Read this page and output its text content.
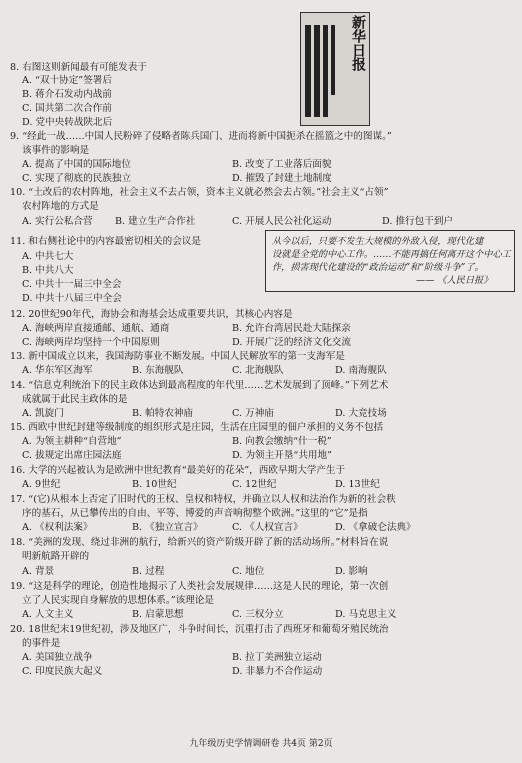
新华日报
8. 右图这则新闻最有可能发表于
A. “双十协定”签署后
B. 蒋介石发动内战前
C. 国共第二次合作前
D. 党中央转战陕北后
9. “经此一战……中国人民粉碎了侵略者陈兵国门、进而将新中国扼杀在摇篮之中的图谋。”
该事件的影响是
A. 提高了中国的国际地位	B. 改变了工业落后面貌
C. 实现了彻底的民族独立	D. 摧毁了封建土地制度
10. “土改后的农村阵地，社会主义不去占领，资本主义就必然会去占领。”社会主义“占领”
农村阵地的方式是
A. 实行公私合营 B. 建立生产合作社	C. 开展人民公社化运动	D. 推行包干到户
11. 和右侧社论中的内容最密切相关的会议是
A. 中共七大
B. 中共八大
C. 中共十一届三中全会
D. 中共十八届三中全会
从今以后，只要不发生大规模的外敌入侵，现代化建
设就是全党的中心工作。……不能再搞任何离开这个中心工
作，损害现代化建设的“政治运动”和“阶级斗争”了。
—— 《人民日报》
12. 20世纪90年代，海协会和海基会达成重要共识，其核心内容是
A. 海峡两岸直接通邮、通航、通商	B. 允许台湾居民赴大陆探亲
C. 海峡两岸均坚持一个中国原则	D. 开展广泛的经济文化交流
13. 新中国成立以来，我国海防事业不断发展。中国人民解放军的第一支海军是
A. 华东军区海军	B. 东海舰队	C. 北海舰队	D. 南海舰队
14. “信息克利统治下的民主政体达到最高程度的年代里……艺术发展到了顶峰。”下列艺术
成就属于此民主政体的是
A. 凯旋门	B. 帕特农神庙	C. 万神庙	D. 大竞技场
15. 西欧中世纪封建等级制度的组织形式是庄园，生活在庄园里的佃户承担的义务不包括
A. 为领主耕种“自营地”	B. 向教会缴纳“什一税”
C. 拔规定出席庄园法庭	D. 为领主开垦“共用地”
16. 大学的兴起被认为是欧洲中世纪教育“最美好的花朵”，西欧早期大学产生于
A. 9世纪	B. 10世纪	C. 12世纪	D. 13世纪
17. “(它)从根本上否定了旧时代的王权、皇权和特权，并确立以人权和法治作为新的社会秩
序的基石，从已攀传出的自由、平等、博爱的声音响彻整个欧洲。”这里的“它”是指
A. 《权利法案》	B. 《独立宣言》	C. 《人权宣言》	D. 《拿破仑法典》
18. “美洲的发现、绕过非洲的航行，给新兴的资产阶级开辟了新的活动场所。”材料旨在说
明新航路开辟的
A. 背景	B. 过程	C. 地位	D. 影响
19. “这是科学的理论，创造性地揭示了人类社会发展规律……这是人民的理论，第一次创
立了人民实现自身解放的思想体系。”该理论是
A. 人文主义	B. 启蒙思想	C. 三权分立	D. 马克思主义
20. 18世纪末19世纪初，涉及地区广，斗争时间长，沉重打击了西班牙和葡萄牙殖民统治
的事件是
A. 美国独立战争	B. 拉丁美洲独立运动
C. 印度民族大起义	D. 非暴力不合作运动
九年级历史学情调研卷 共4页 第2页
